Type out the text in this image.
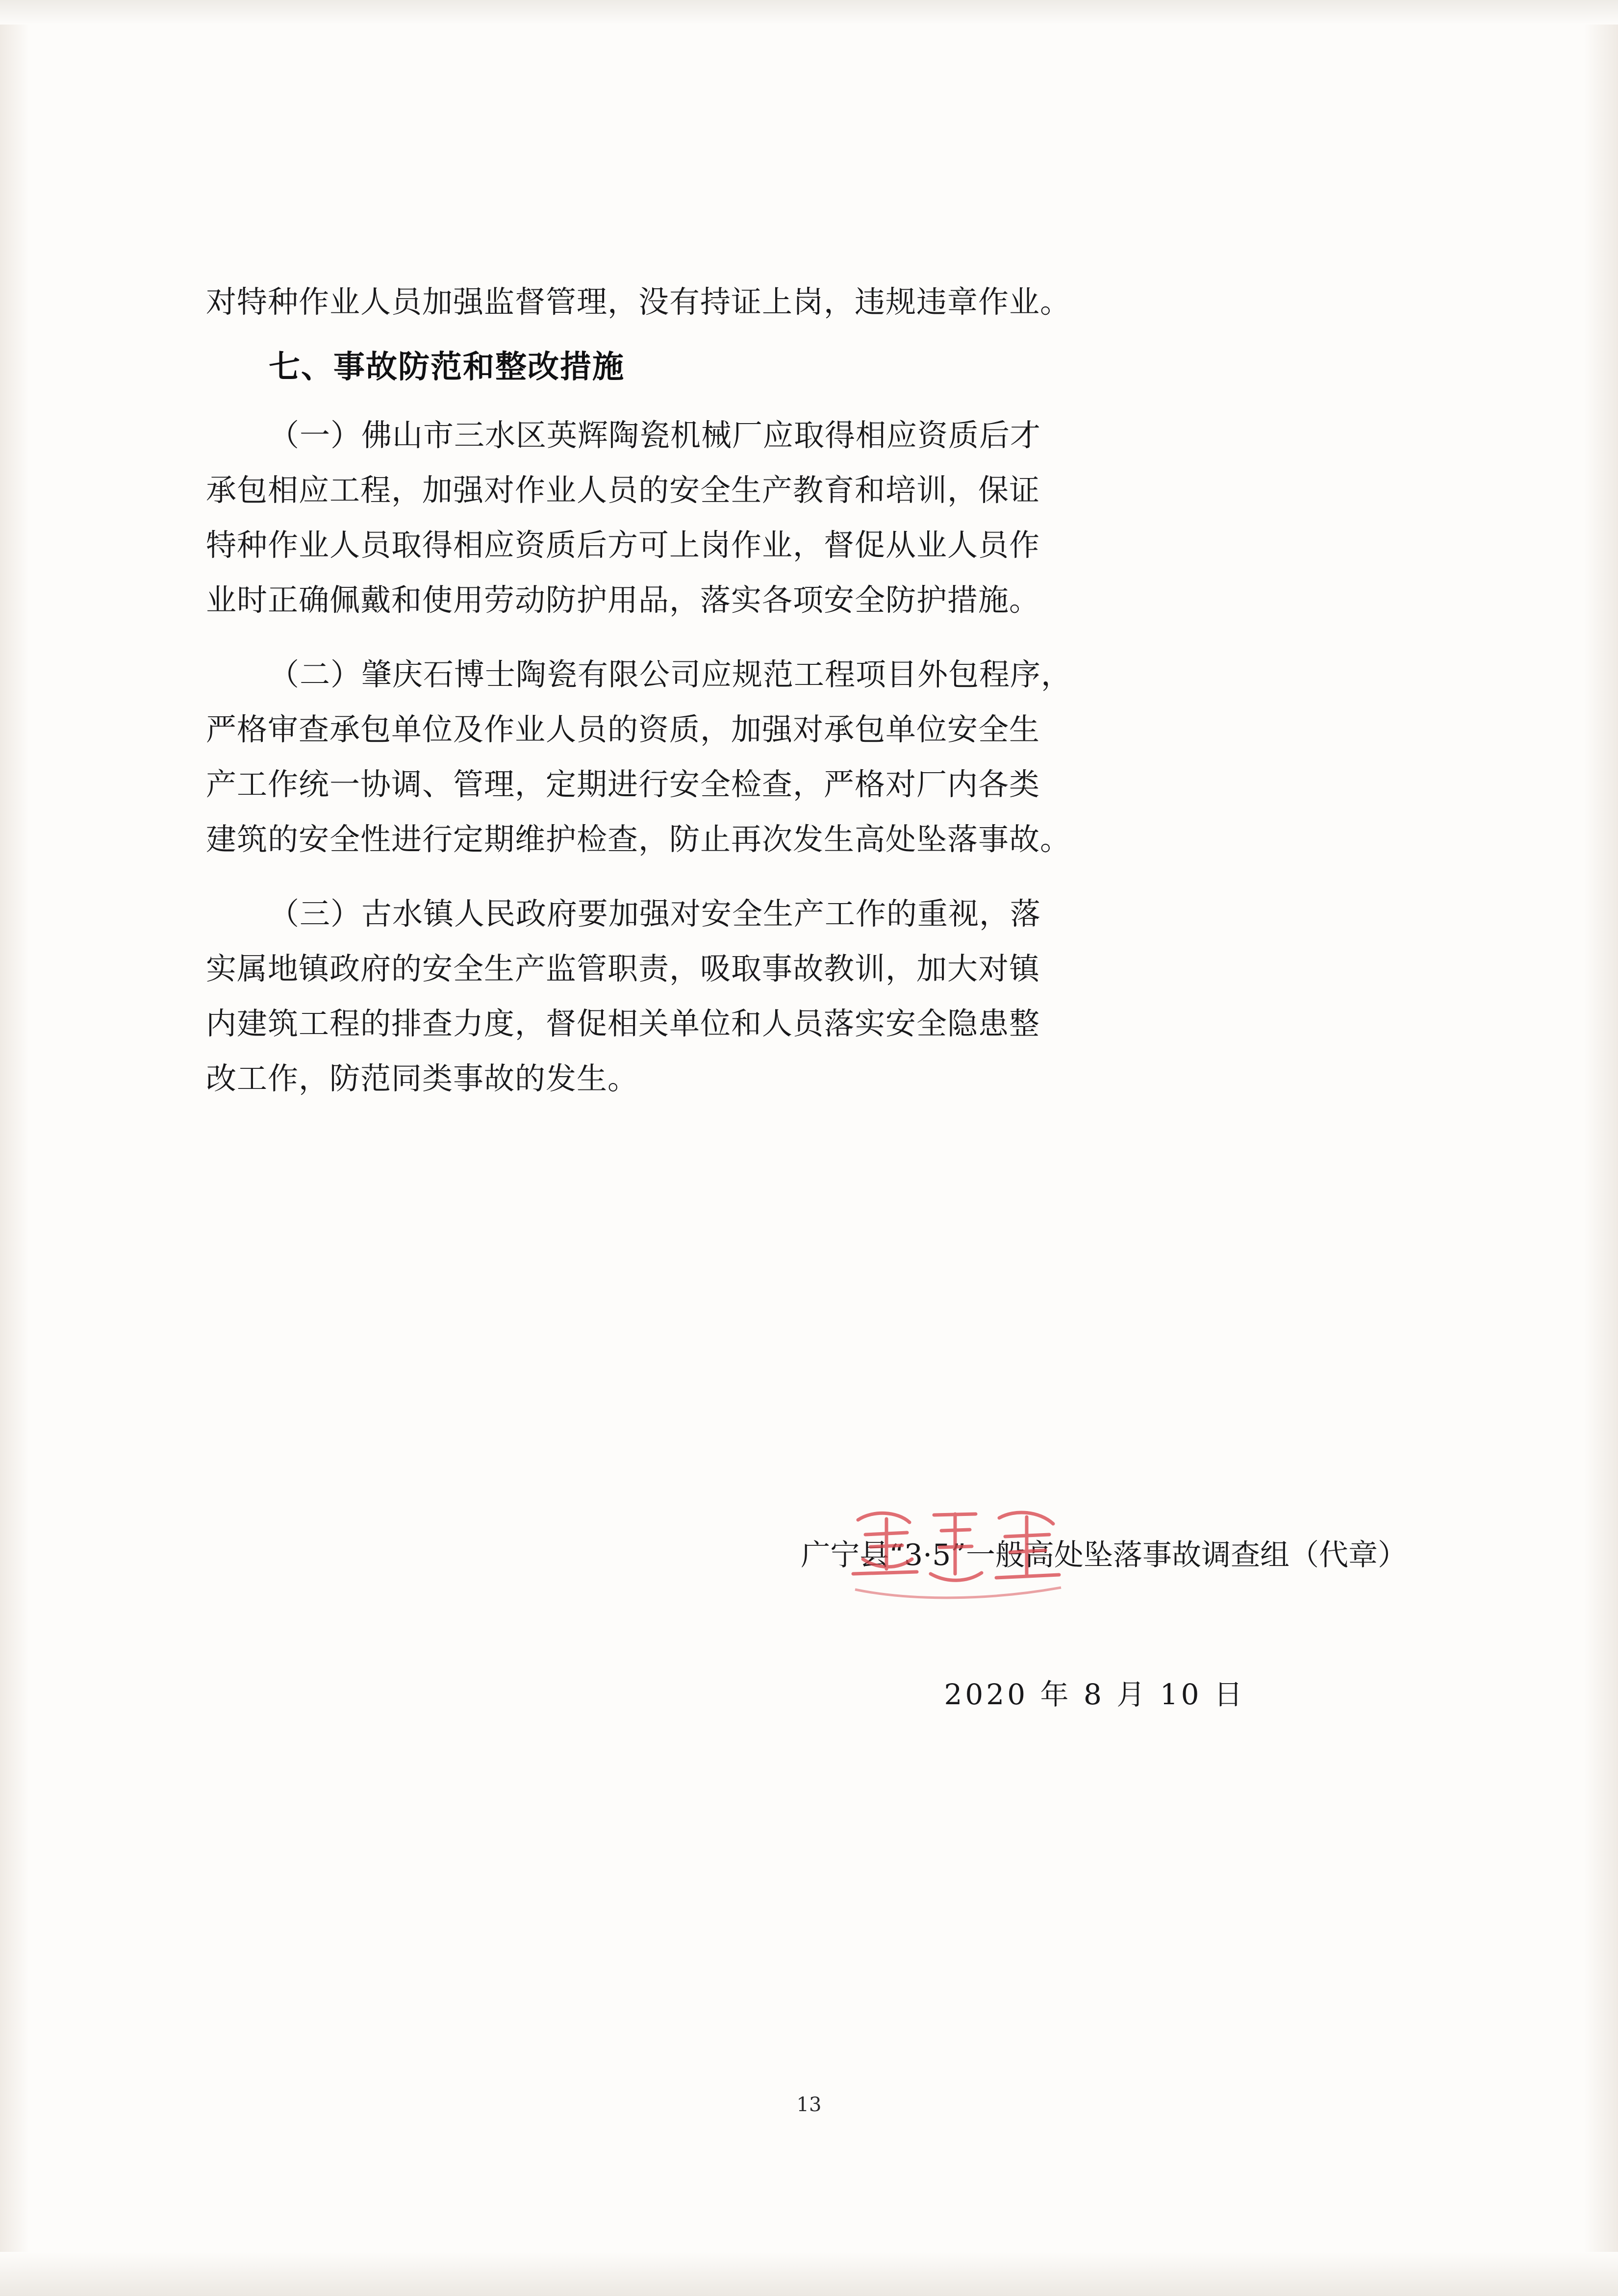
对特种作业人员加强监督管理，没有持证上岗，违规违章作业。
七、事故防范和整改措施
（一）佛山市三水区英辉陶瓷机械厂应取得相应资质后才
承包相应工程，加强对作业人员的安全生产教育和培训，保证
特种作业人员取得相应资质后方可上岗作业，督促从业人员作
业时正确佩戴和使用劳动防护用品，落实各项安全防护措施。
（二）肇庆石博士陶瓷有限公司应规范工程项目外包程序，
严格审查承包单位及作业人员的资质，加强对承包单位安全生
产工作统一协调、管理，定期进行安全检查，严格对厂内各类
建筑的安全性进行定期维护检查，防止再次发生高处坠落事故。
（三）古水镇人民政府要加强对安全生产工作的重视，落
实属地镇政府的安全生产监管职责，吸取事故教训，加大对镇
内建筑工程的排查力度，督促相关单位和人员落实安全隐患整
改工作，防范同类事故的发生。
广宁县“3·5”一般高处坠落事故调查组（代章）
2020 年 8 月 10 日
13
